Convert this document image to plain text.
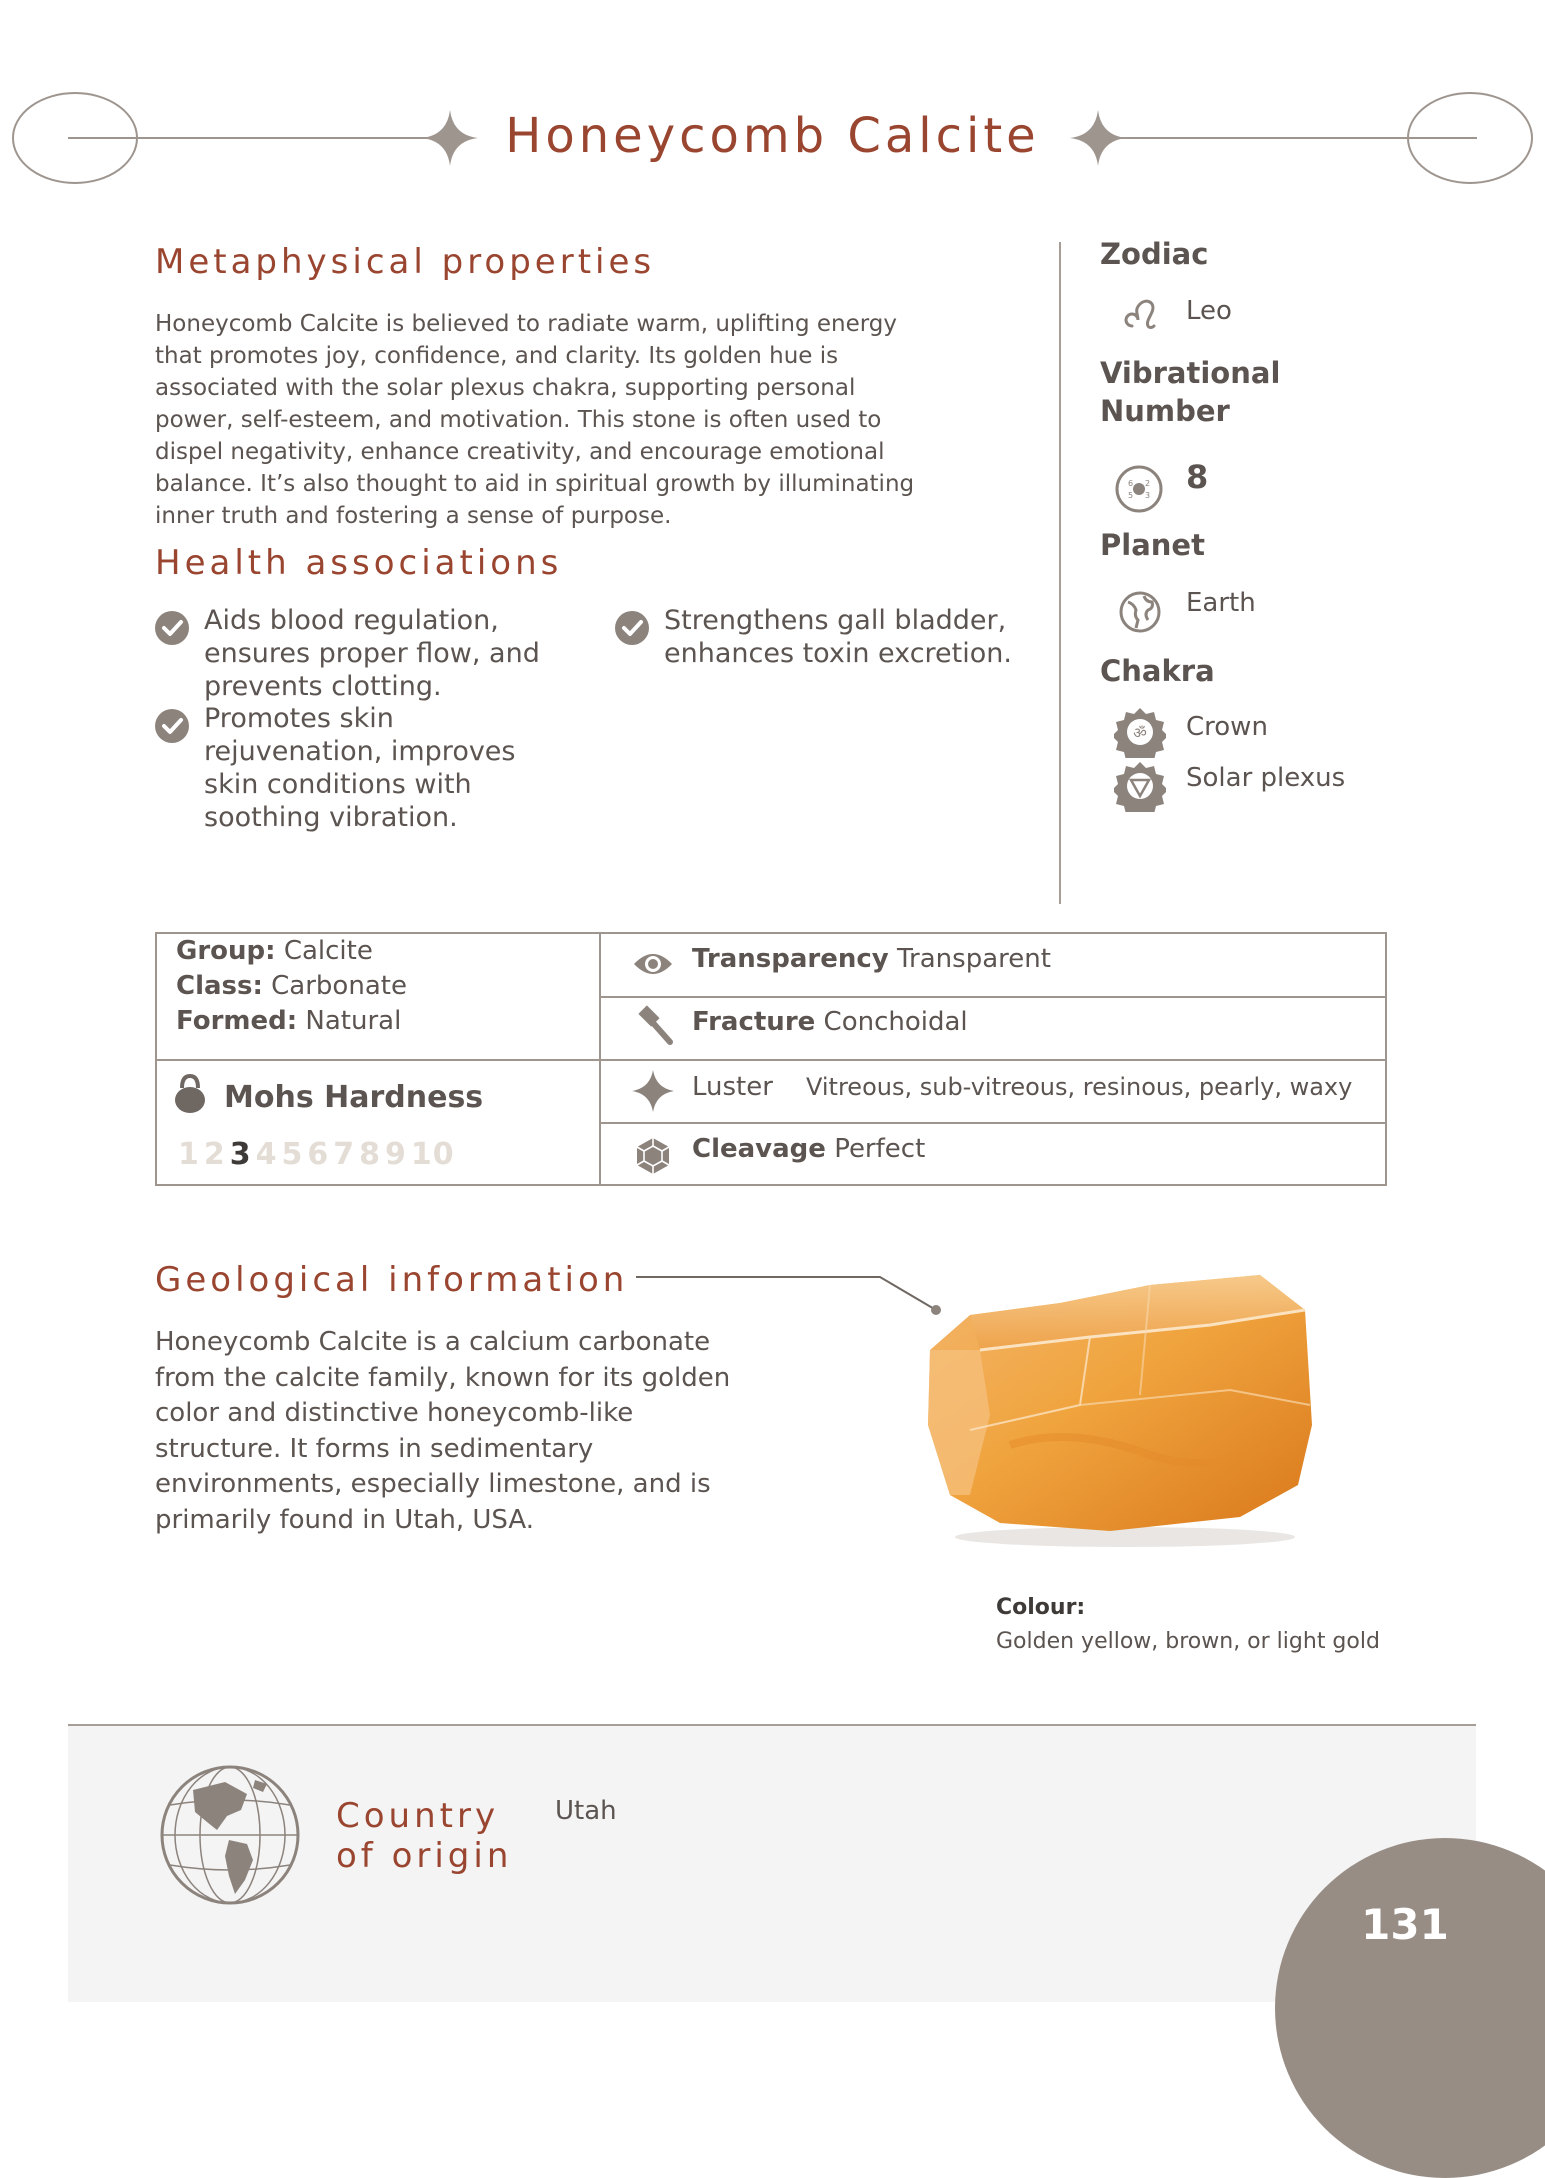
Honeycomb Calcite
Metaphysical properties
Honeycomb Calcite is believed to radiate warm, uplifting energy
that promotes joy, confidence, and clarity. Its golden hue is
associated with the solar plexus chakra, supporting personal
power, self-esteem, and motivation. This stone is often used to
dispel negativity, enhance creativity, and encourage emotional
balance. It’s also thought to aid in spiritual growth by illuminating
inner truth and fostering a sense of purpose.
Health associations
Aids blood regulation,
ensures proper flow, and
prevents clotting.
Promotes skin
rejuvenation, improves
skin conditions with
soothing vibration.
Strengthens gall bladder,
enhances toxin excretion.
Zodiac
Leo
Vibrational
Number
6 2
5 3 8
Planet
Earth
Chakra
ॐ Crown
Solar plexus
Group: Calcite
Class: Carbonate
Formed: Natural
Mohs Hardness
1 2 3 4 5 6 7 8 9 10
Transparency Transparent
Fracture Conchoidal
Luster Vitreous, sub-vitreous, resinous, pearly, waxy
Cleavage Perfect
Geological information
Honeycomb Calcite is a calcium carbonate
from the calcite family, known for its golden
color and distinctive honeycomb-like
structure. It forms in sedimentary
environments, especially limestone, and is
primarily found in Utah, USA.
Colour:
Golden yellow, brown, or light gold
Country
of origin
Utah
131
